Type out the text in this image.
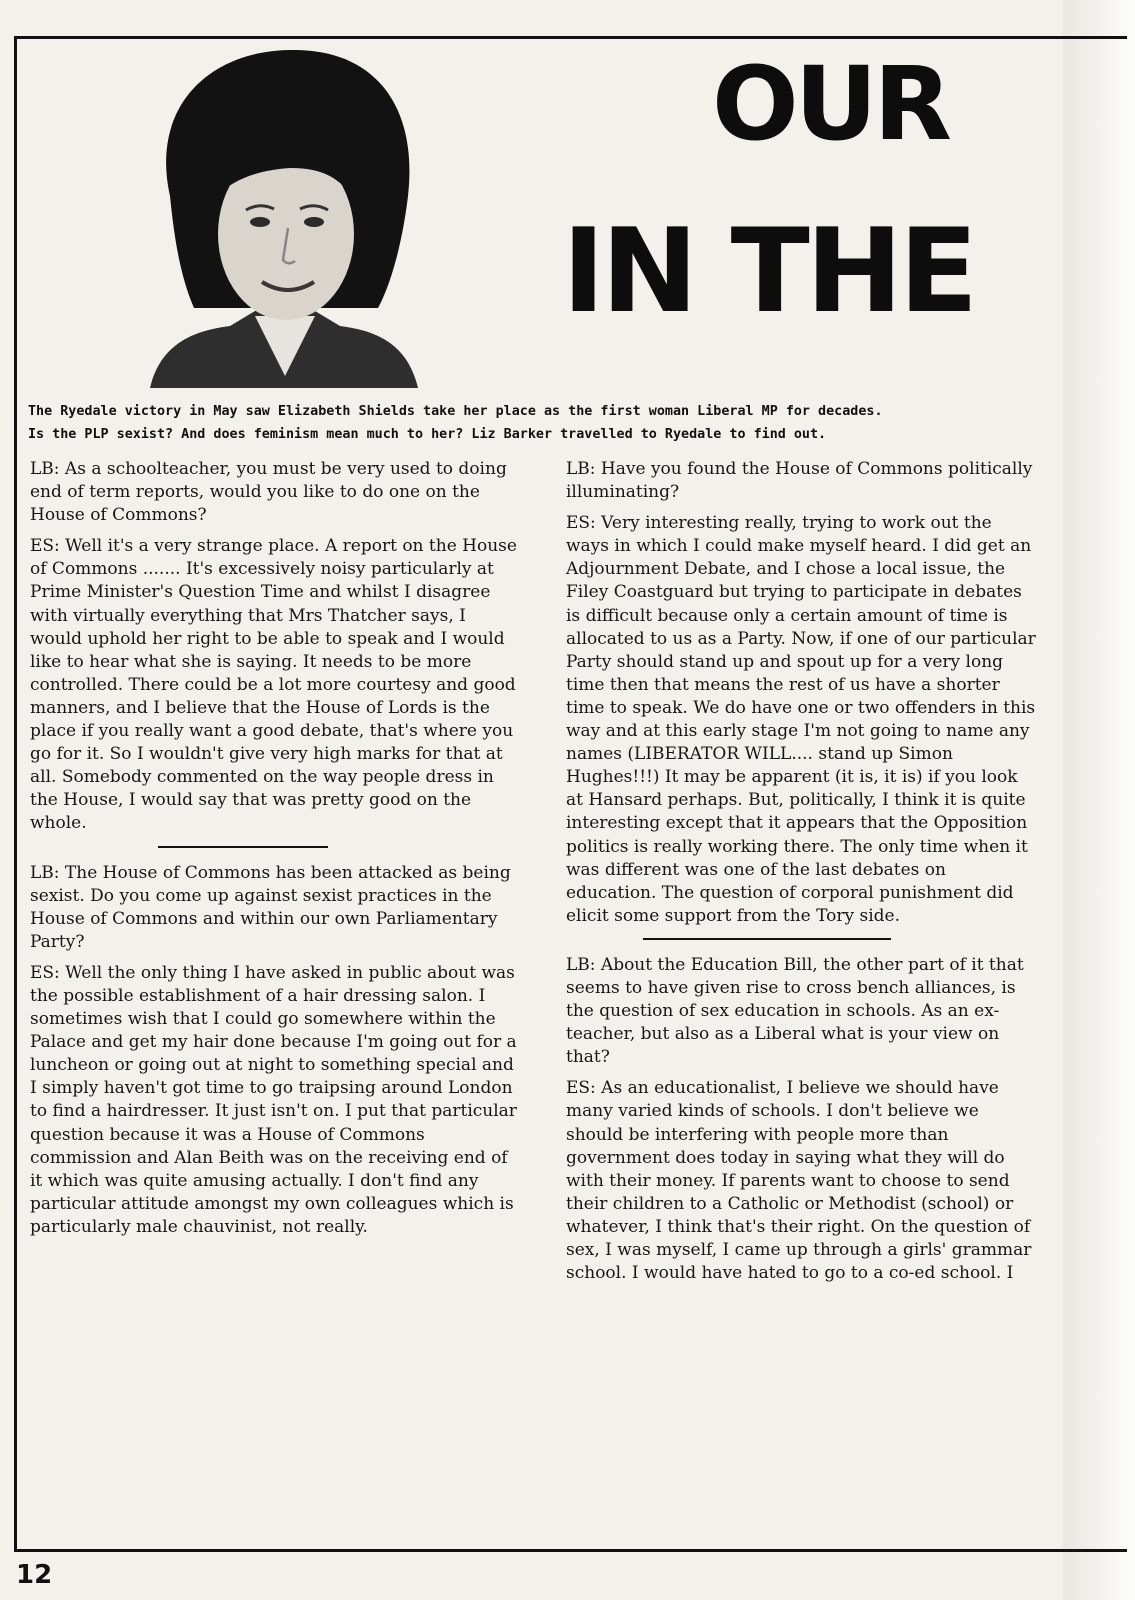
OUR
IN THE
The Ryedale victory in May saw Elizabeth Shields take her place as the first woman Liberal MP for decades.
Is the PLP sexist? And does feminism mean much to her? Liz Barker travelled to Ryedale to find out.

LB: As a schoolteacher, you must be very used to doing end of term reports, would you like to do one on the House of Commons?

ES: Well it's a very strange place. A report on the House of Commons ....... It's excessively noisy particularly at Prime Minister's Question Time and whilst I disagree with virtually everything that Mrs Thatcher says, I would uphold her right to be able to speak and I would like to hear what she is saying. It needs to be more controlled. There could be a lot more courtesy and good manners, and I believe that the House of Lords is the place if you really want a good debate, that's where you go for it. So I wouldn't give very high marks for that at all. Somebody commented on the way people dress in the House, I would say that was pretty good on the whole.

LB: The House of Commons has been attacked as being sexist. Do you come up against sexist practices in the House of Commons and within our own Parliamentary Party?

ES: Well the only thing I have asked in public about was the possible establishment of a hair dressing salon. I sometimes wish that I could go somewhere within the Palace and get my hair done because I'm going out for a luncheon or going out at night to something special and I simply haven't got time to go traipsing around London to find a hairdresser. It just isn't on. I put that particular question because it was a House of Commons commission and Alan Beith was on the receiving end of it which was quite amusing actually. I don't find any particular attitude amongst my own colleagues which is particularly male chauvinist, not really.

LB: Have you found the House of Commons politically illuminating?

ES: Very interesting really, trying to work out the ways in which I could make myself heard. I did get an Adjournment Debate, and I chose a local issue, the Filey Coastguard but trying to participate in debates is difficult because only a certain amount of time is allocated to us as a Party. Now, if one of our particular Party should stand up and spout up for a very long time then that means the rest of us have a shorter time to speak. We do have one or two offenders in this way and at this early stage I'm not going to name any names (LIBERATOR WILL.... stand up Simon Hughes!!!) It may be apparent (it is, it is) if you look at Hansard perhaps. But, politically, I think it is quite interesting except that it appears that the Opposition politics is really working there. The only time when it was different was one of the last debates on education. The question of corporal punishment did elicit some support from the Tory side.

LB: About the Education Bill, the other part of it that seems to have given rise to cross bench alliances, is the question of sex education in schools. As an ex-teacher, but also as a Liberal what is your view on that?

ES: As an educationalist, I believe we should have many varied kinds of schools. I don't believe we should be interfering with people more than government does today in saying what they will do with their money. If parents want to choose to send their children to a Catholic or Methodist (school) or whatever, I think that's their right. On the question of sex, I was myself, I came up through a girls' grammar school. I would have hated to go to a co-ed school. I

12
